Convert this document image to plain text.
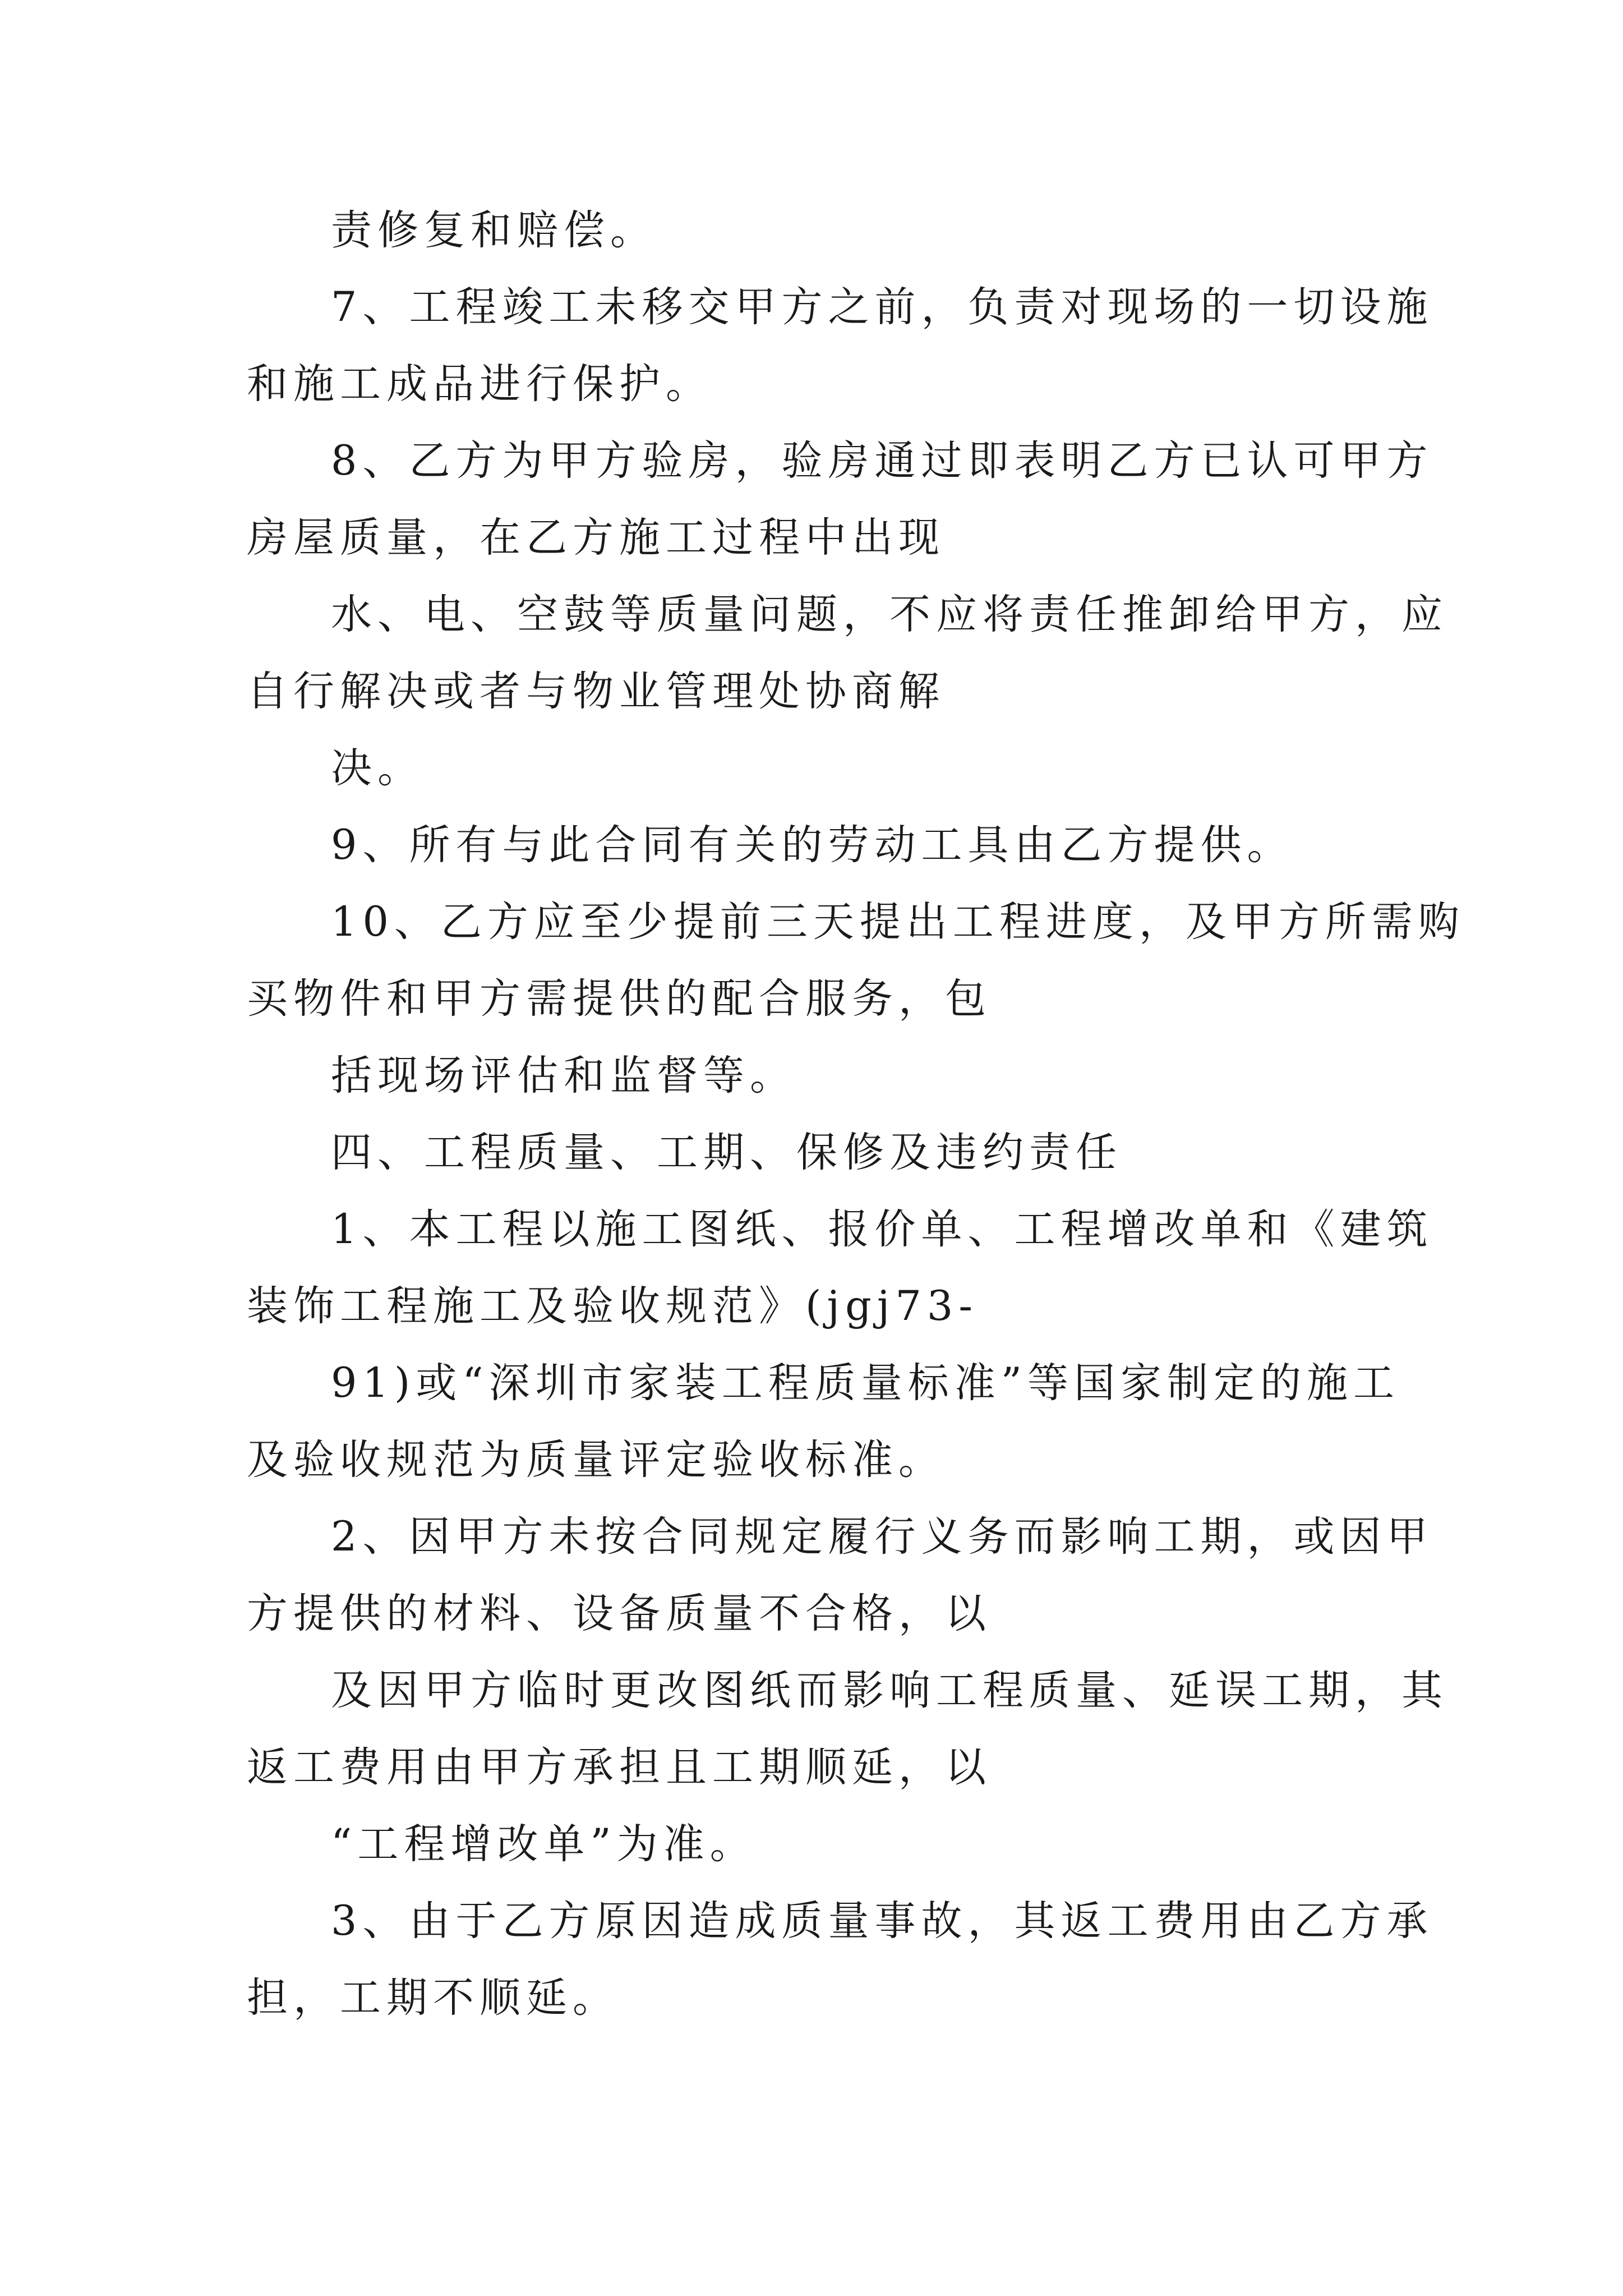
责修复和赔偿。
7、工程竣工未移交甲方之前，负责对现场的一切设施
和施工成品进行保护。
8、乙方为甲方验房，验房通过即表明乙方已认可甲方
房屋质量，在乙方施工过程中出现
水、电、空鼓等质量问题，不应将责任推卸给甲方，应
自行解决或者与物业管理处协商解
决。
9、所有与此合同有关的劳动工具由乙方提供。
10、乙方应至少提前三天提出工程进度，及甲方所需购
买物件和甲方需提供的配合服务，包
括现场评估和监督等。
四、工程质量、工期、保修及违约责任
1、本工程以施工图纸、报价单、工程增改单和《建筑
装饰工程施工及验收规范》(jgj73-
91)或“深圳市家装工程质量标准”等国家制定的施工
及验收规范为质量评定验收标准。
2、因甲方未按合同规定履行义务而影响工期，或因甲
方提供的材料、设备质量不合格，以
及因甲方临时更改图纸而影响工程质量、延误工期，其
返工费用由甲方承担且工期顺延，以
“工程增改单”为准。
3、由于乙方原因造成质量事故，其返工费用由乙方承
担，工期不顺延。
